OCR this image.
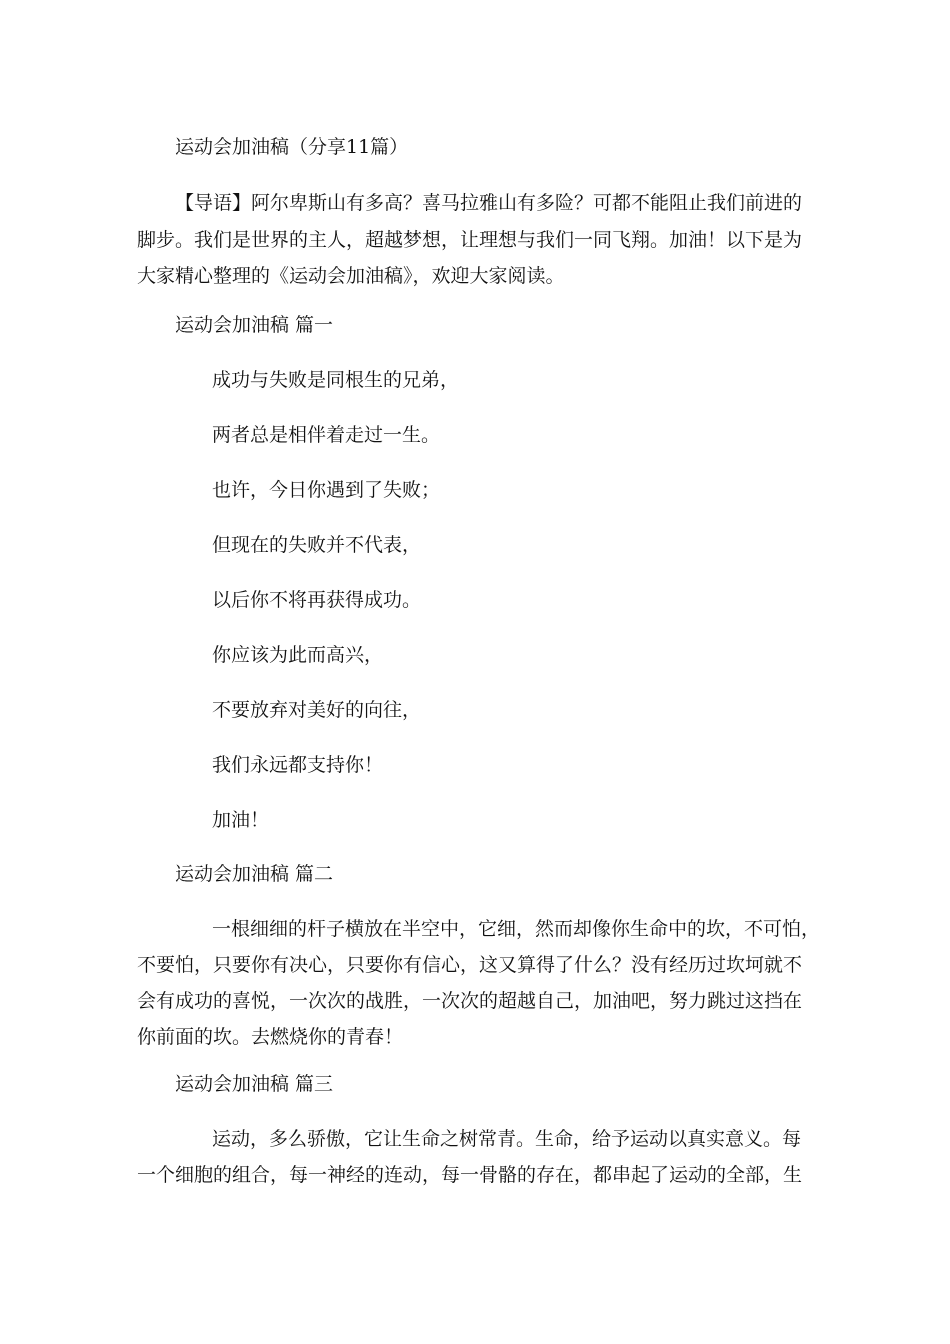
运动会加油稿（分享11篇）

【导语】阿尔卑斯山有多高？喜马拉雅山有多险？可都不能阻止我们前进的

脚步。我们是世界的主人，超越梦想，让理想与我们一同飞翔。加油！以下是为

大家精心整理的《运动会加油稿》，欢迎大家阅读。

运动会加油稿 篇一

成功与失败是同根生的兄弟，

两者总是相伴着走过一生。

也许，今日你遇到了失败；

但现在的失败并不代表，

以后你不将再获得成功。

你应该为此而高兴，

不要放弃对美好的向往，

我们永远都支持你！

加油！

运动会加油稿 篇二

一根细细的杆子横放在半空中，它细，然而却像你生命中的坎，不可怕，

不要怕，只要你有决心，只要你有信心，这又算得了什么？没有经历过坎坷就不

会有成功的喜悦，一次次的战胜，一次次的超越自己，加油吧，努力跳过这挡在

你前面的坎。去燃烧你的青春！

运动会加油稿 篇三

运动，多么骄傲，它让生命之树常青。生命，给予运动以真实意义。每

一个细胞的组合，每一神经的连动，每一骨骼的存在，都串起了运动的全部，生
